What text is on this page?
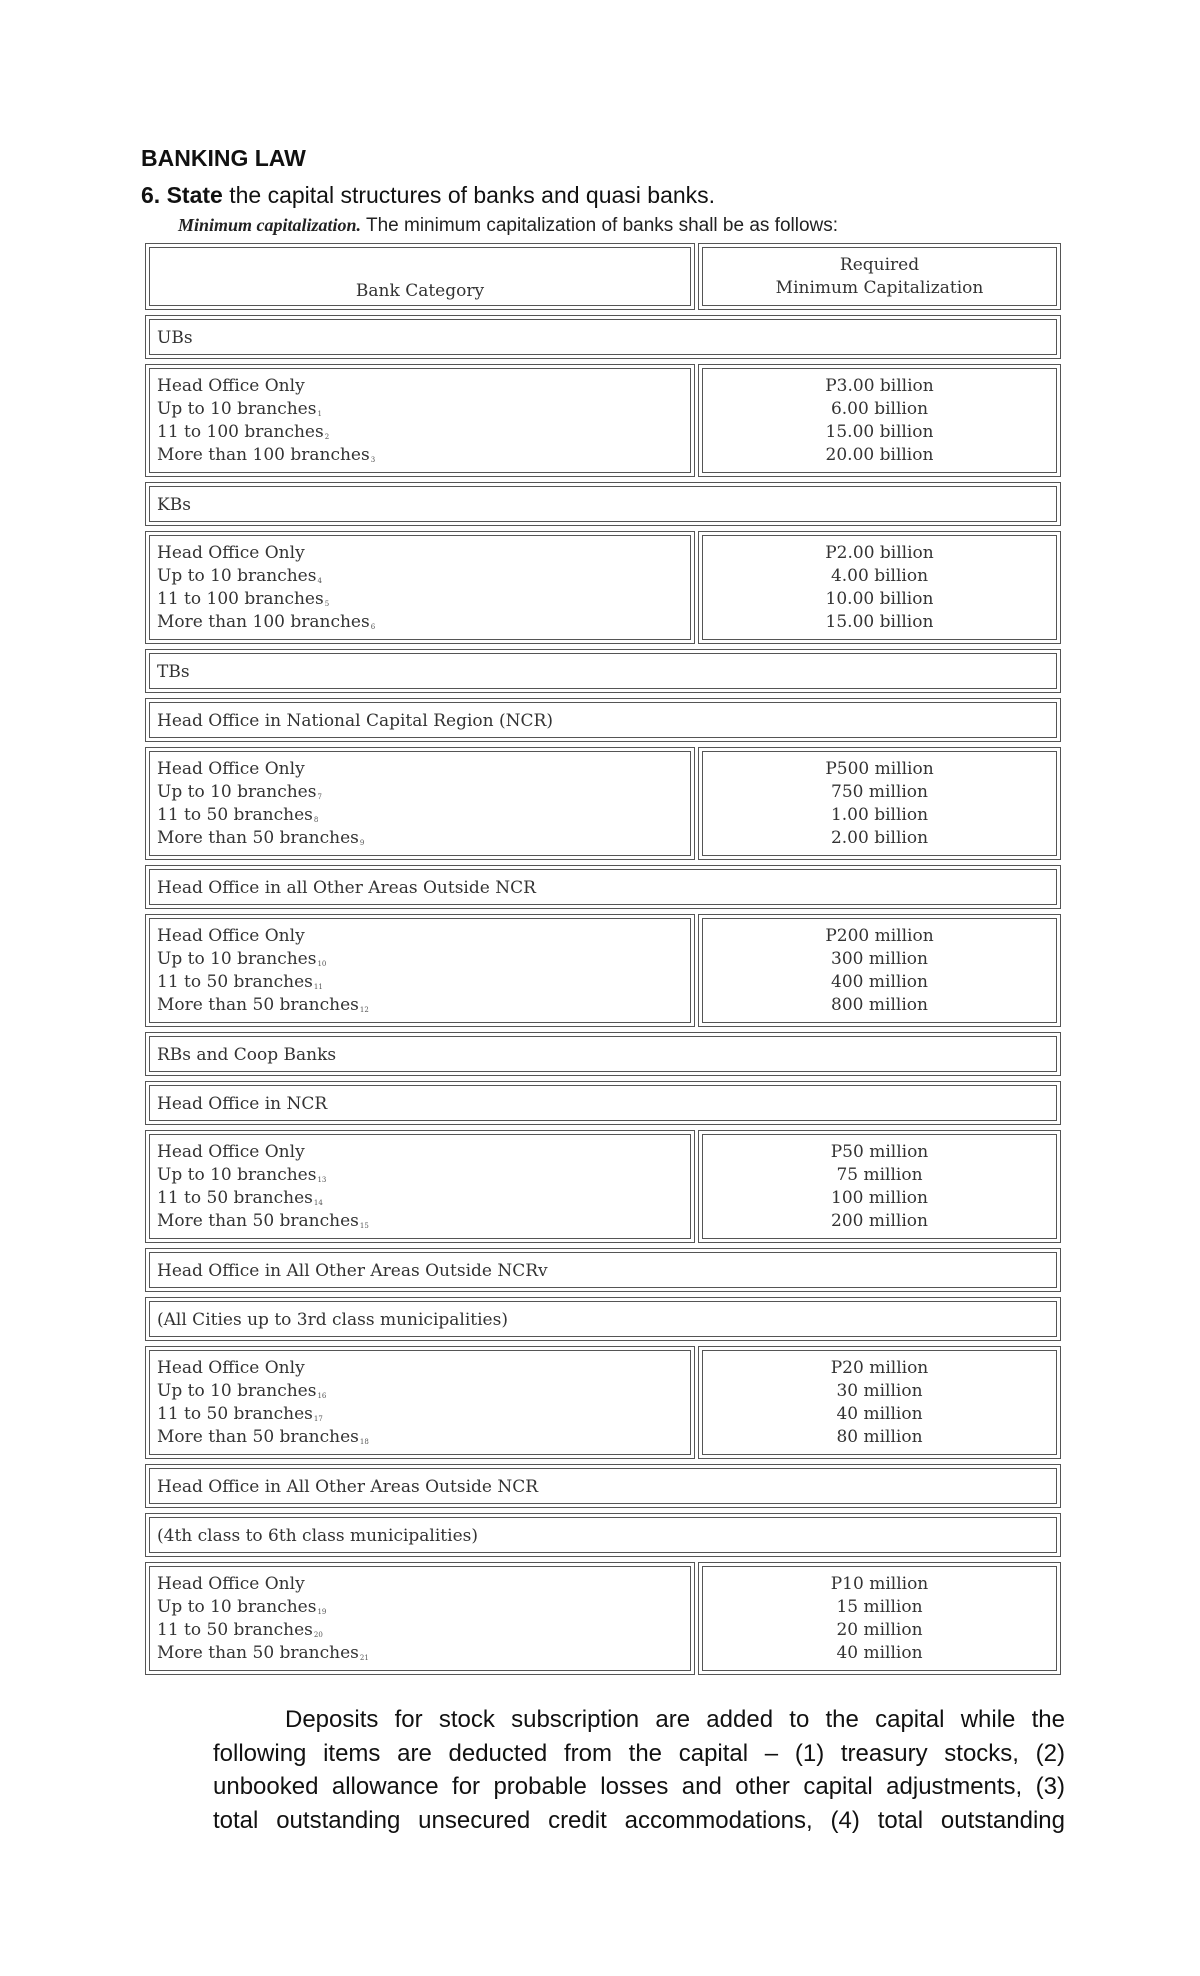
BANKING LAW

6. State the capital structures of banks and quasi banks.

Minimum capitalization. The minimum capitalization of banks shall be as follows:

Bank Category
Required
Minimum Capitalization
UBs
Head Office Only
Up to 10 branches1
11 to 100 branches2
More than 100 branches3
P3.00 billion
6.00 billion
15.00 billion
20.00 billion
KBs
Head Office Only
Up to 10 branches4
11 to 100 branches5
More than 100 branches6
P2.00 billion
4.00 billion
10.00 billion
15.00 billion
TBs
Head Office in National Capital Region (NCR)
Head Office Only
Up to 10 branches7
11 to 50 branches8
More than 50 branches9
P500 million
750 million
1.00 billion
2.00 billion
Head Office in all Other Areas Outside NCR
Head Office Only
Up to 10 branches10
11 to 50 branches11
More than 50 branches12
P200 million
300 million
400 million
800 million
RBs and Coop Banks
Head Office in NCR
Head Office Only
Up to 10 branches13
11 to 50 branches14
More than 50 branches15
P50 million
75 million
100 million
200 million
Head Office in All Other Areas Outside NCRv
(All Cities up to 3rd class municipalities)
Head Office Only
Up to 10 branches16
11 to 50 branches17
More than 50 branches18
P20 million
30 million
40 million
80 million
Head Office in All Other Areas Outside NCR
(4th class to 6th class municipalities)
Head Office Only
Up to 10 branches19
11 to 50 branches20
More than 50 branches21
P10 million
15 million
20 million
40 million
Deposits for stock subscription are added to the capital while the
following items are deducted from the capital – (1) treasury stocks, (2)
unbooked allowance for probable losses and other capital adjustments, (3)
total outstanding unsecured credit accommodations, (4) total outstanding
